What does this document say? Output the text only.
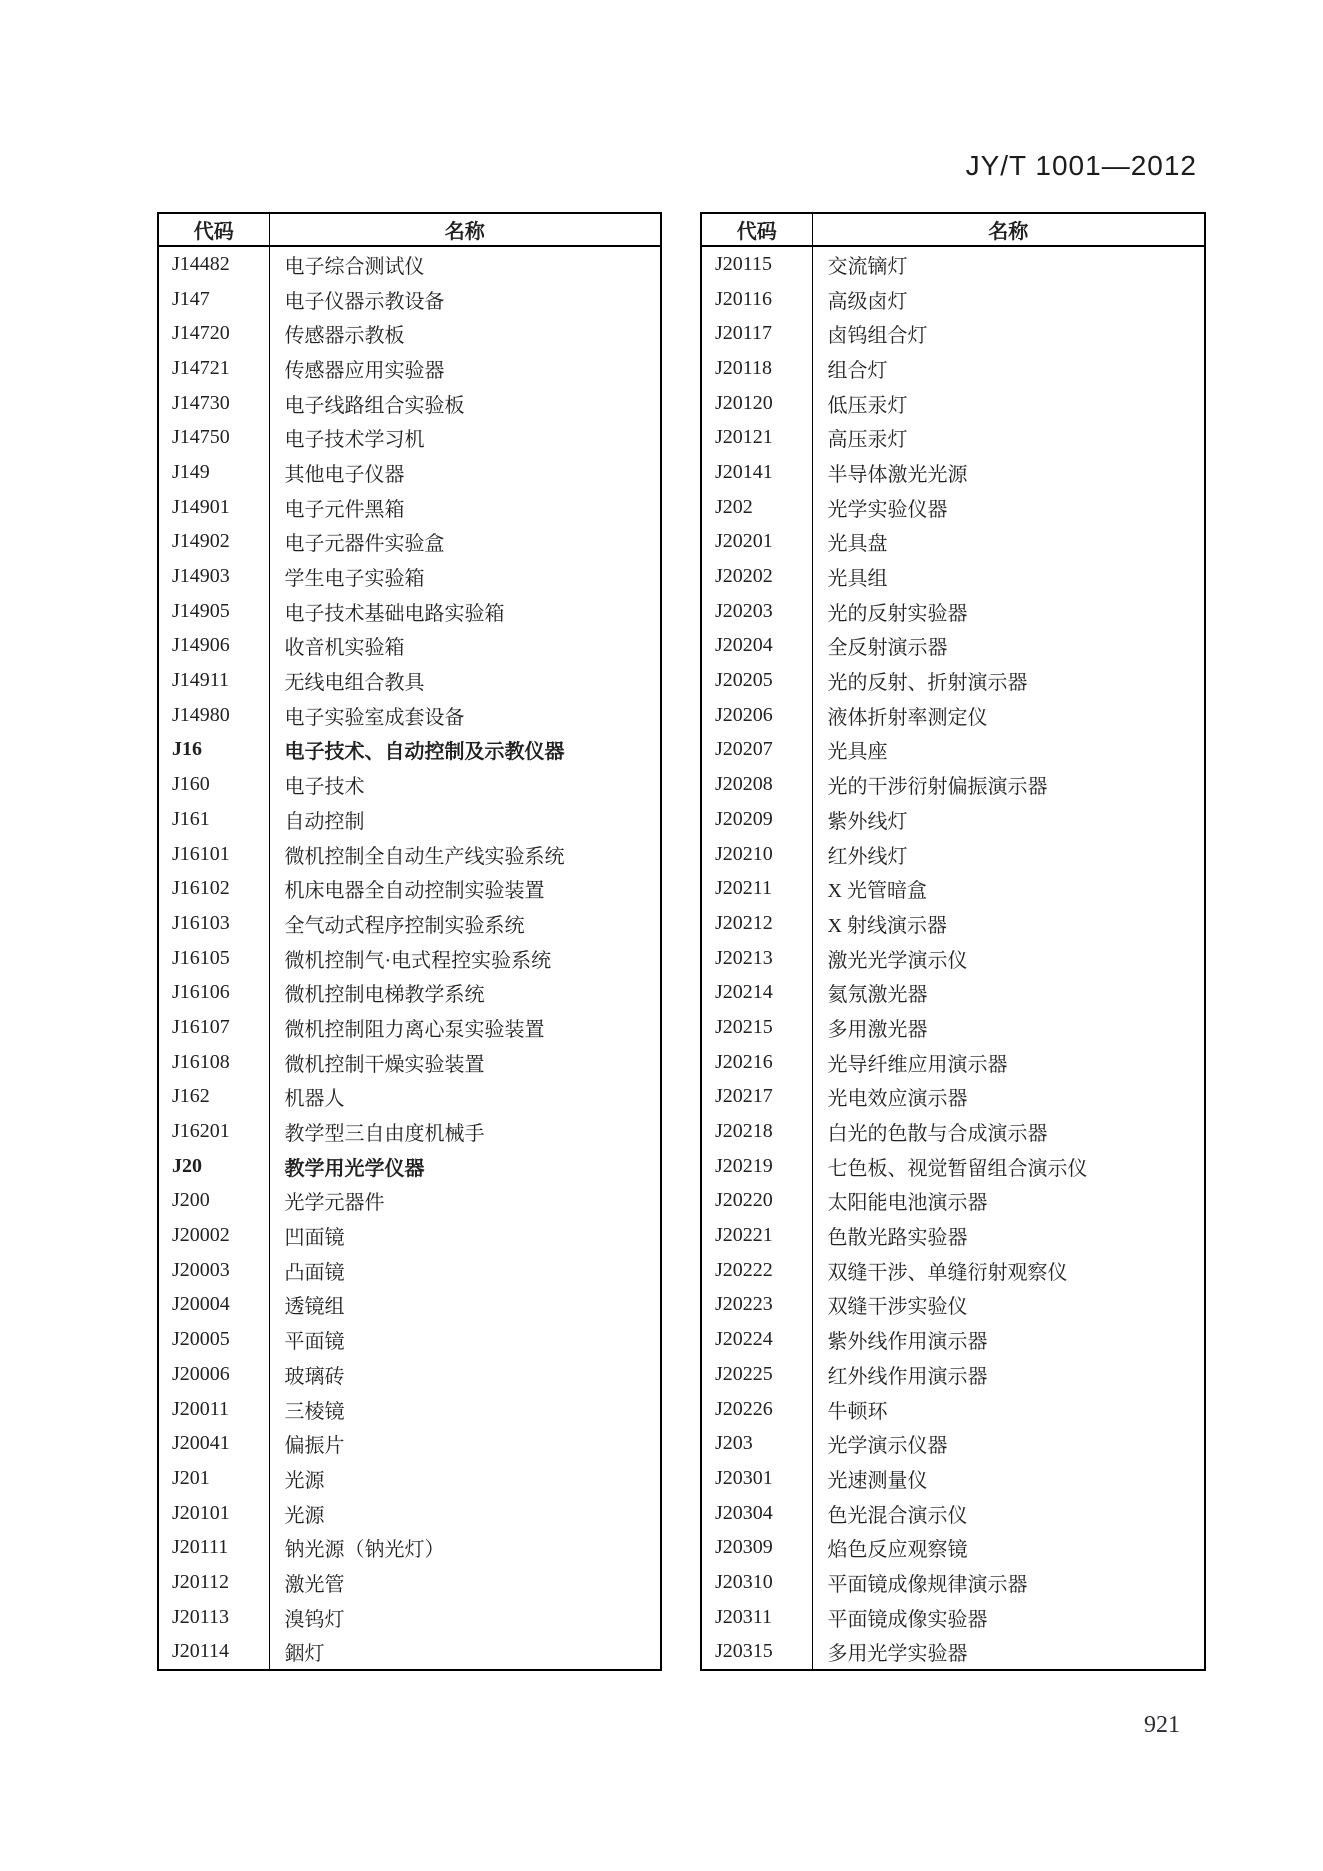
JY/T 1001—2012
代码	名称
J14482	电子综合测试仪
J147	电子仪器示教设备
J14720	传感器示教板
J14721	传感器应用实验器
J14730	电子线路组合实验板
J14750	电子技术学习机
J149	其他电子仪器
J14901	电子元件黑箱
J14902	电子元器件实验盒
J14903	学生电子实验箱
J14905	电子技术基础电路实验箱
J14906	收音机实验箱
J14911	无线电组合教具
J14980	电子实验室成套设备
J16	电子技术、自动控制及示教仪器
J160	电子技术
J161	自动控制
J16101	微机控制全自动生产线实验系统
J16102	机床电器全自动控制实验装置
J16103	全气动式程序控制实验系统
J16105	微机控制气·电式程控实验系统
J16106	微机控制电梯教学系统
J16107	微机控制阻力离心泵实验装置
J16108	微机控制干燥实验装置
J162	机器人
J16201	教学型三自由度机械手
J20	教学用光学仪器
J200	光学元器件
J20002	凹面镜
J20003	凸面镜
J20004	透镜组
J20005	平面镜
J20006	玻璃砖
J20011	三棱镜
J20041	偏振片
J201	光源
J20101	光源
J20111	钠光源（钠光灯）
J20112	激光管
J20113	溴钨灯
J20114	銦灯
代码	名称
J20115	交流镝灯
J20116	高级卤灯
J20117	卤钨组合灯
J20118	组合灯
J20120	低压汞灯
J20121	高压汞灯
J20141	半导体激光光源
J202	光学实验仪器
J20201	光具盘
J20202	光具组
J20203	光的反射实验器
J20204	全反射演示器
J20205	光的反射、折射演示器
J20206	液体折射率测定仪
J20207	光具座
J20208	光的干涉衍射偏振演示器
J20209	紫外线灯
J20210	红外线灯
J20211	X 光管暗盒
J20212	X 射线演示器
J20213	激光光学演示仪
J20214	氦氖激光器
J20215	多用激光器
J20216	光导纤维应用演示器
J20217	光电效应演示器
J20218	白光的色散与合成演示器
J20219	七色板、视觉暂留组合演示仪
J20220	太阳能电池演示器
J20221	色散光路实验器
J20222	双缝干涉、单缝衍射观察仪
J20223	双缝干涉实验仪
J20224	紫外线作用演示器
J20225	红外线作用演示器
J20226	牛顿环
J203	光学演示仪器
J20301	光速测量仪
J20304	色光混合演示仪
J20309	焰色反应观察镜
J20310	平面镜成像规律演示器
J20311	平面镜成像实验器
J20315	多用光学实验器
921
